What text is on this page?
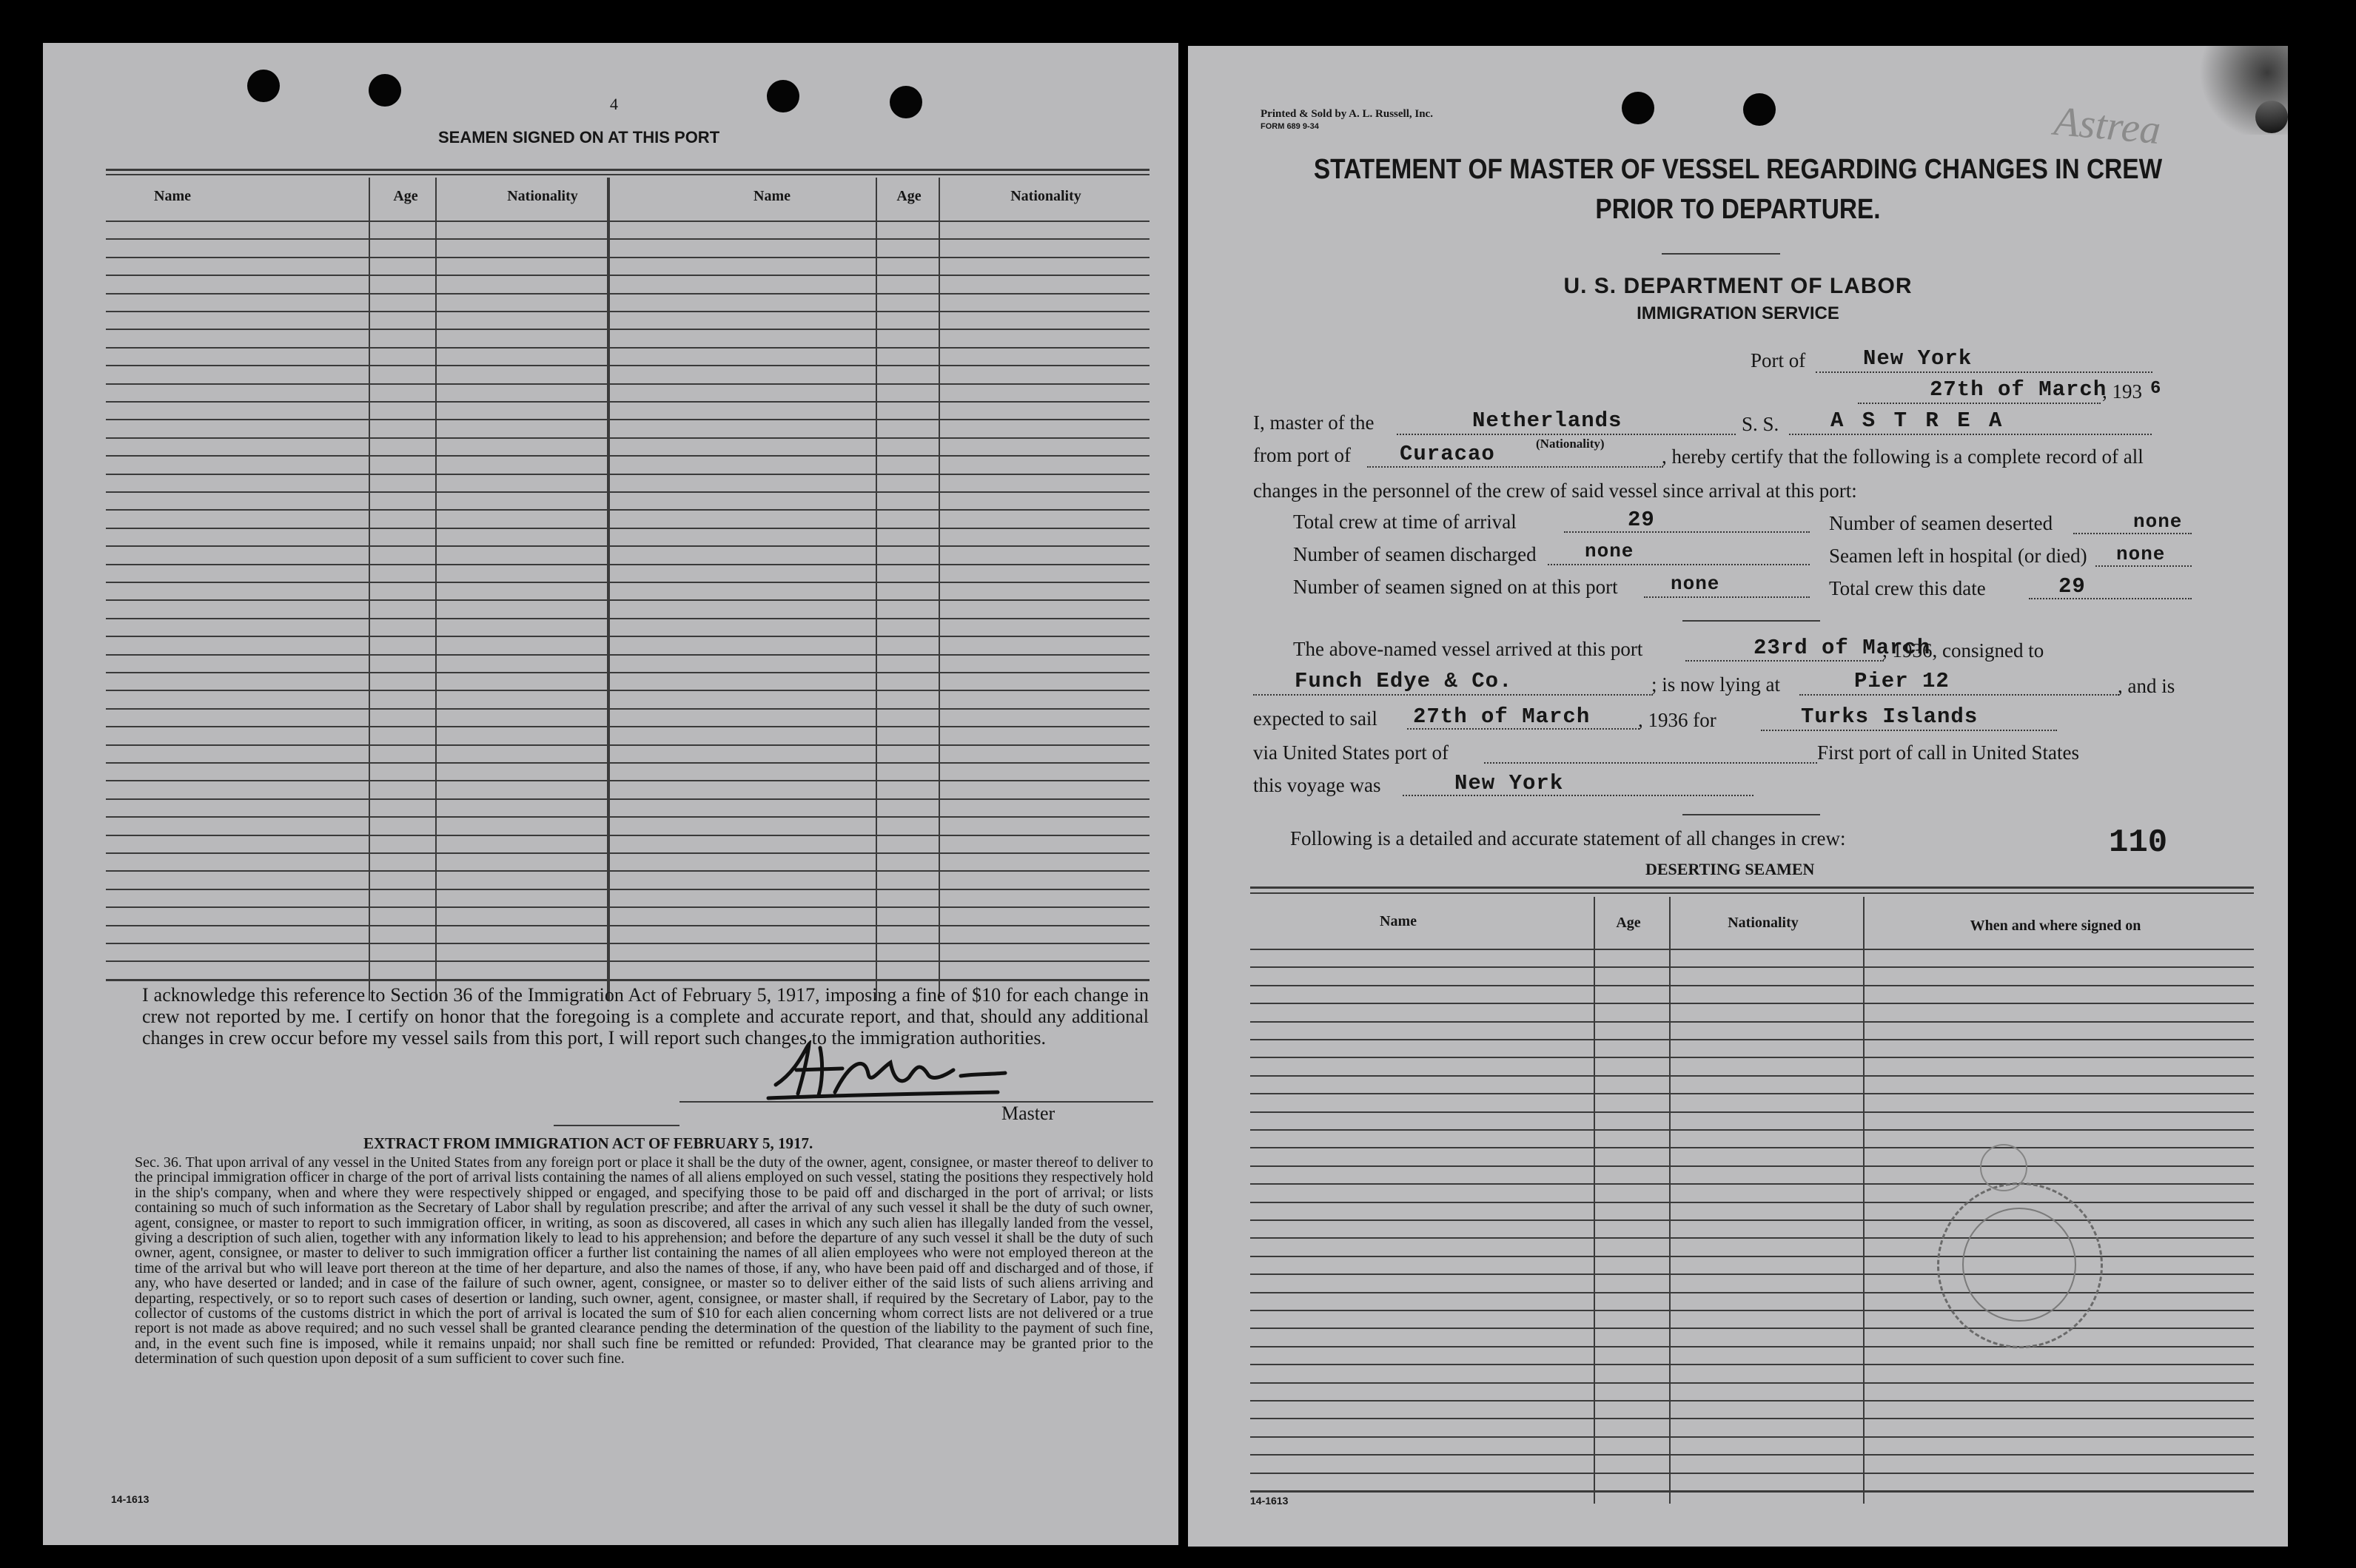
4
SEAMEN SIGNED ON AT THIS PORT
Name	Age	Nationality	Name	Age	Nationality
I acknowledge this reference to Section 36 of the Immigration Act of February 5, 1917, imposing a fine of $10 for each change in crew not reported by me. I certify on honor that the foregoing is a complete and accurate report, and that, should any additional changes in crew occur before my vessel sails from this port, I will report such changes to the immigration authorities.
Master
EXTRACT FROM IMMIGRATION ACT OF FEBRUARY 5, 1917.
Sec. 36. That upon arrival of any vessel in the United States from any foreign port or place it shall be the duty of the owner, agent, consignee, or master thereof to deliver to the principal immigration officer in charge of the port of arrival lists containing the names of all aliens employed on such vessel, stating the positions they respectively hold in the ship's company, when and where they were respectively shipped or engaged, and specifying those to be paid off and discharged in the port of arrival; or lists containing so much of such information as the Secretary of Labor shall by regulation prescribe; and after the arrival of any such vessel it shall be the duty of such owner, agent, consignee, or master to report to such immigration officer, in writing, as soon as discovered, all cases in which any such alien has illegally landed from the vessel, giving a description of such alien, together with any information likely to lead to his apprehension; and before the departure of any such vessel it shall be the duty of such owner, agent, consignee, or master to deliver to such immigration officer a further list containing the names of all alien employees who were not employed thereon at the time of the arrival but who will leave port thereon at the time of her departure, and also the names of those, if any, who have been paid off and discharged and of those, if any, who have deserted or landed; and in case of the failure of such owner, agent, consignee, or master so to deliver either of the said lists of such aliens arriving and departing, respectively, or so to report such cases of desertion or landing, such owner, agent, consignee, or master shall, if required by the Secretary of Labor, pay to the collector of customs of the customs district in which the port of arrival is located the sum of $10 for each alien concerning whom correct lists are not delivered or a true report is not made as above required; and no such vessel shall be granted clearance pending the determination of the question of the liability to the payment of such fine, and, in the event such fine is imposed, while it remains unpaid; nor shall such fine be remitted or refunded: Provided, That clearance may be granted prior to the determination of such question upon deposit of a sum sufficient to cover such fine.
14-1613
Printed & Sold by A. L. Russell, Inc.
FORM 689 9-34	Astrea
STATEMENT OF MASTER OF VESSEL REGARDING CHANGES IN CREW
PRIOR TO DEPARTURE.
U. S. DEPARTMENT OF LABOR
IMMIGRATION SERVICE
Port of	New York
27th of March
, 193 6
I, master of the	Netherlands
(Nationality)
S. S. A S T R E A
from port of Curacao	, hereby certify that the following is a complete record of all
changes in the personnel of the crew of said vessel since arrival at this port:
Total crew at time of arrival	29	Number of seamen deserted	none
Number of seamen discharged	none	Seamen left in hospital (or died) none
Number of seamen signed on at this port	none	Total crew this date	29
The above-named vessel arrived at this port	23rd of March
, 1936, consigned to
Funch Edye & Co.	; is now lying at	Pier 12	, and is
expected to sail 27th of March , 1936 for	Turks Islands
via United States port of	First port of call in United States
this voyage was	New York
Following is a detailed and accurate statement of all changes in crew:	110
DESERTING SEAMEN
Name	Age	Nationality	When and where signed on
14-1613
